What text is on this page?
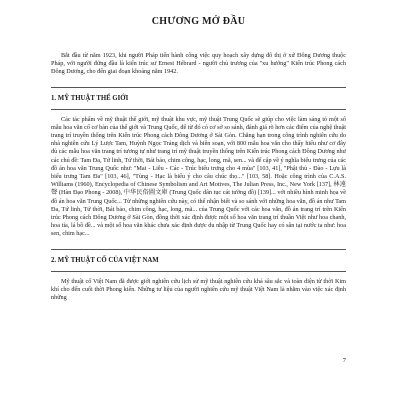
CHƯƠNG MỞ ĐẦU

Bắt đầu từ năm 1923, khi người Pháp tiến hành công việc quy hoạch xây dựng đô thị ở xứ Đông Dương thuộc Pháp, với người đứng đầu là kiến trúc sư Ernest Hébrard - người chủ trương của "xu hướng" Kiến trúc Phong cách Đông Dương, cho đến giai đoạn khoảng năm 1942.

1. MỸ THUẬT THẾ GIỚI

Các tác phẩm về mỹ thuật thế giới, mỹ thuật khu vực, mỹ thuật Trung Quốc sẽ giúp cho việc làm sáng tỏ một số mẫu hoa văn cổ cơ bản của thế giới và Trung Quốc, để từ đó có cơ sở so sánh, đánh giá rõ hơn các điểm của nghệ thuật trang trí truyền thống trên Kiến trúc Phong cách Đông Dương ở Sài Gòn. Chẳng hạn trong công trình nghiên cứu do nhà nghiên cứu Lý Lược Tam, Huỳnh Ngọc Trảng dịch và biên soạn, với 800 mẫu hoa văn cho thấy hiểu như cơ đây đủ các mẫu hoa văn trang trí tương tự như trang trí mỹ thuật truyền thống trên Kiến trúc Phong cách Đông Dương như các chủ đề: Tam Đa, Tứ linh, Tứ thời, Bát bảo, chim công, hạc, long, mã, sen... và để cập về ý nghĩa biểu trưng của các đồ án hoa văn Trung Quốc như: "Mai - Liễu - Các - Trúc biểu trưng cho 4 mùa" [103, 41], "Phật thủ - Đào - Lựu là biểu trưng Tam Đa" [103, 46], "Tùng - Hạc là biểu ý cho câu chúc thọ..." [103, 58]. Hoặc công trình của C.A.S. Williams (1960), Encyclopedia of Chinese Symbolism and Art Motives, The Julian Press, Inc., New York [137], 林遠聲 (Hàn Đạo Phong - 2008), 中华民俗圖文庫 (Trung Quốc dân tục cát tường đồ) [139]... với nhiều hình minh họa về đồ án hoa văn Trung Quốc... Từ những nghiên cứu này, có thể nhận biết và so sánh với những hoa văn, đồ án như Tam Đa, Tứ linh, Tứ thời, Bát bảo, chim công, hạc, long, mã... của Trung Quốc với các hoa văn, đồ án trang trí trên Kiến trúc Phong cách Đông Dương ở Sài Gòn, đồng thời xác định được một số hoa văn trang trí thuần Việt như hoa chanh, hoa tỉa, lá bồ đề... và một số hoa văn khác chưa xác định được du nhập từ Trung Quốc hay có sẵn tại nước ta như: hoa sen, chim hạc...

2. MỸ THUẬT CỔ CỦA VIỆT NAM

Mỹ thuật cổ Việt Nam đã được giới nghiên cứu lịch sử mỹ thuật nghiên cứu khá sâu sắc và toàn diện từ thời Kim khí cho đến cuối thời Phong kiến. Những tư liệu của người nghiên cứu mỹ thuật Việt Nam là nhằm vào việc xác định những

7
